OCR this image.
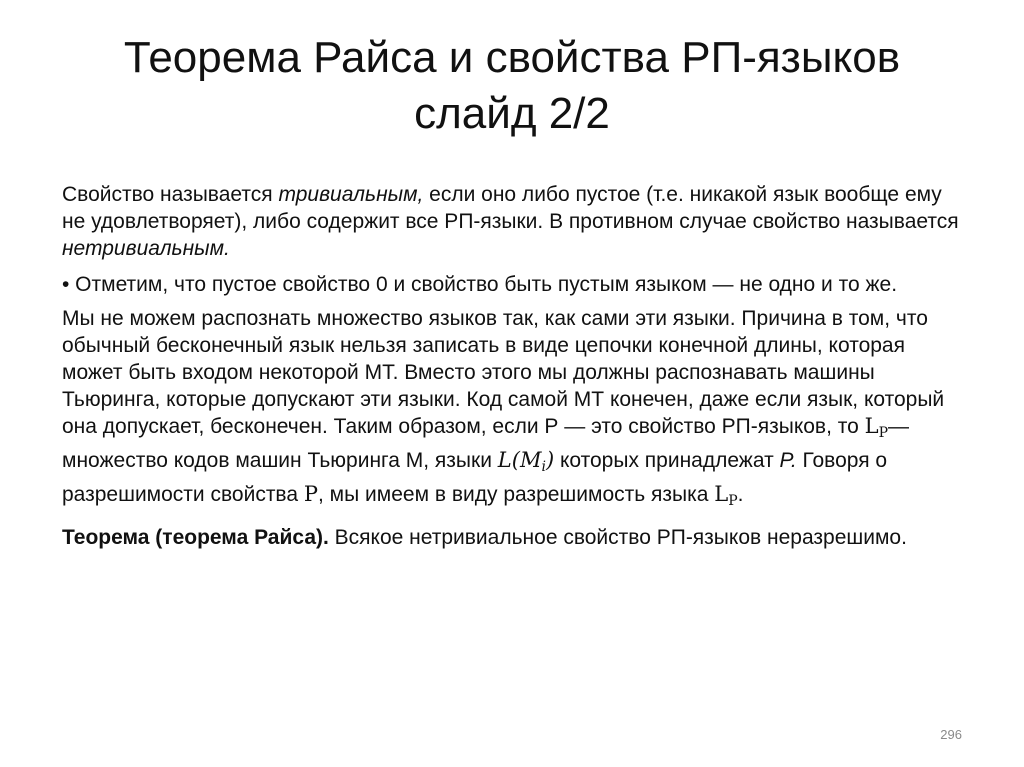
Теорема Райса и свойства РП-языков
слайд 2/2

Свойство называется тривиальным, если оно либо пустое (т.е. никакой язык вообще ему не удовлетворяет), либо содержит все РП-языки. В противном случае свойство называется нетривиальным.

• Отметим, что пустое свойство 0 и свойство быть пустым языком — не одно и то же.

Мы не можем распознать множество языков так, как сами эти языки. Причина в том, что обычный бесконечный язык нельзя записать в виде цепочки конечной длины, которая может быть входом некоторой МТ. Вместо этого мы должны распознавать машины Тьюринга, которые допускают эти языки. Код самой МТ конечен, даже если язык, который она допускает, бесконечен. Таким образом, если Р — это свойство РП-языков, то $L_P—$ множество кодов машин Тьюринга М, языки $L(M_i)$ которых принадлежат P. Говоря о разрешимости свойства P, мы имеем в виду разрешимость языка $L_P$.

Теорема (теорема Райса). Всякое нетривиальное свойство РП-языков неразрешимо.

296
